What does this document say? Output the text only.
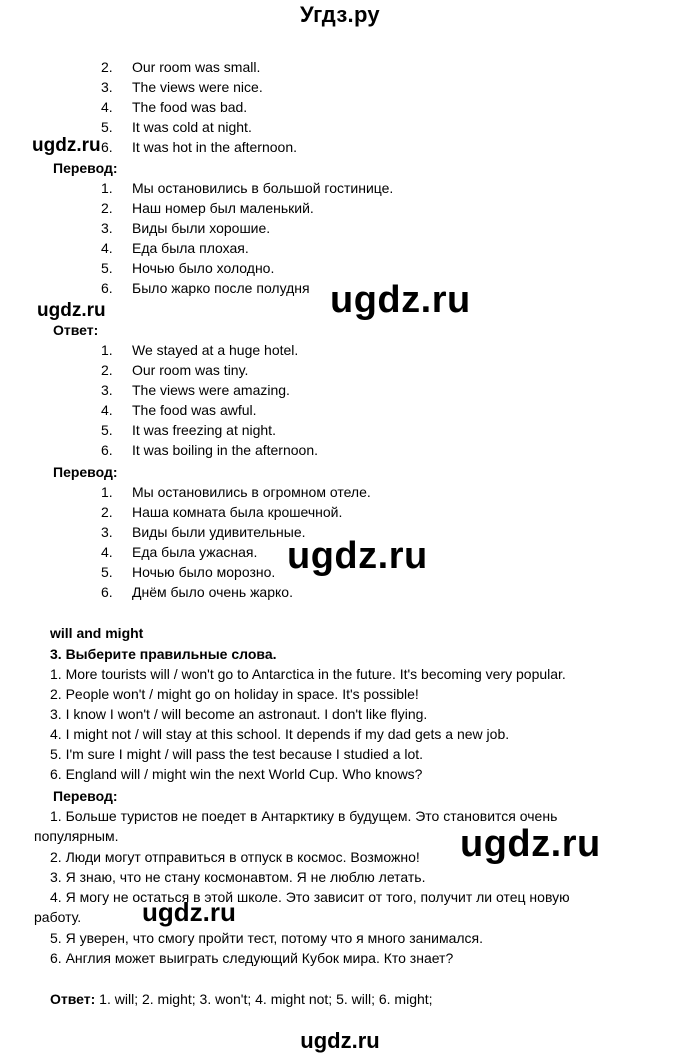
Угдз.ру
2.	Our room was small.
3.	The views were nice.
4.	The food was bad.
5.	It was cold at night.
6.	It was hot in the afternoon.
ugdz.ru
Перевод:
1.	Мы остановились в большой гостинице.
2.	Наш номер был маленький.
3.	Виды были хорошие.
4.	Еда была плохая.
5.	Ночью было холодно.
6.	Было жарко после полудня ugdz.ru
ugdz.ru
Ответ:
1.	We stayed at a huge hotel.
2.	Our room was tiny.
3.	The views were amazing.
4.	The food was awful.
5.	It was freezing at night.
6.	It was boiling in the afternoon.
Перевод:
1.	Мы остановились в огромном отеле.
2.	Наша комната была крошечной.
3.	Виды были удивительные.
4.	Еда была ужасная.
5.	Ночью было морозно.
6.	Днём было очень жарко.
ugdz.ru
will and might
3. Выберите правильные слова.
1. More tourists will / won't go to Antarctica in the future. It's becoming very popular.
2. People won't / might go on holiday in space. It's possible!
3. I know I won't / will become an astronaut. I don't like flying.
4. I might not / will stay at this school. It depends if my dad gets a new job.
5. I'm sure I might / will pass the test because I studied a lot.
6. England will / might win the next World Cup. Who knows?
Перевод:
1. Больше туристов не поедет в Антарктику в будущем. Это становится очень
популярным.
2. Люди могут отправиться в отпуск в космос. Возможно!
3. Я знаю, что не стану космонавтом. Я не люблю летать.
4. Я могу не остаться в этой школе. Это зависит от того, получит ли отец новую
работу.
5. Я уверен, что смогу пройти тест, потому что я много занимался.
6. Англия может выиграть следующий Кубок мира. Кто знает?
ugdz.ru
ugdz.ru
Ответ: 1. will; 2. might; 3. won't; 4. might not; 5. will; 6. might;
ugdz.ru
